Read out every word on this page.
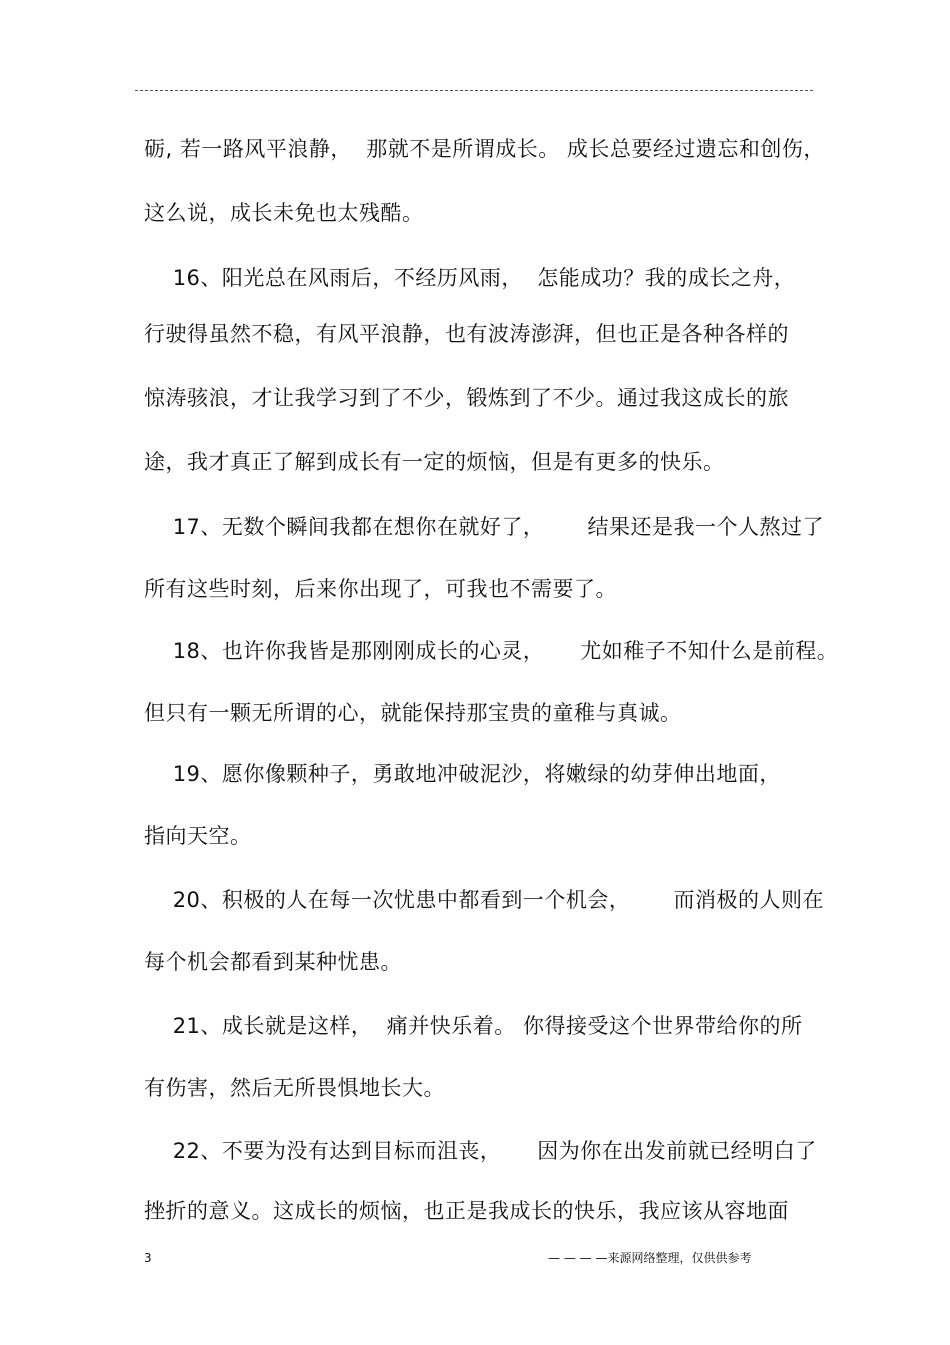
砺, 若一路风平浪静，  那就不是所谓成长。 成长总要经过遗忘和创伤，
这么说，成长未免也太残酷。
16、阳光总在风雨后，不经历风雨，  怎能成功？我的成长之舟，
行驶得虽然不稳，有风平浪静，也有波涛澎湃，但也正是各种各样的
惊涛骇浪，才让我学习到了不少，锻炼到了不少。通过我这成长的旅
途，我才真正了解到成长有一定的烦恼，但是有更多的快乐。
17、无数个瞬间我都在想你在就好了，      结果还是我一个人熬过了
所有这些时刻，后来你出现了，可我也不需要了。
18、也许你我皆是那刚刚成长的心灵，     尤如稚子不知什么是前程。
但只有一颗无所谓的心，就能保持那宝贵的童稚与真诚。
19、愿你像颗种子，勇敢地冲破泥沙，将嫩绿的幼芽伸出地面，
指向天空。
20、积极的人在每一次忧患中都看到一个机会，      而消极的人则在
每个机会都看到某种忧患。
21、成长就是这样，  痛并快乐着。 你得接受这个世界带给你的所
有伤害，然后无所畏惧地长大。
22、不要为没有达到目标而沮丧，     因为你在出发前就已经明白了
挫折的意义。这成长的烦恼，也正是我成长的快乐，我应该从容地面
3	— — — —来源网络整理，仅供供参考
